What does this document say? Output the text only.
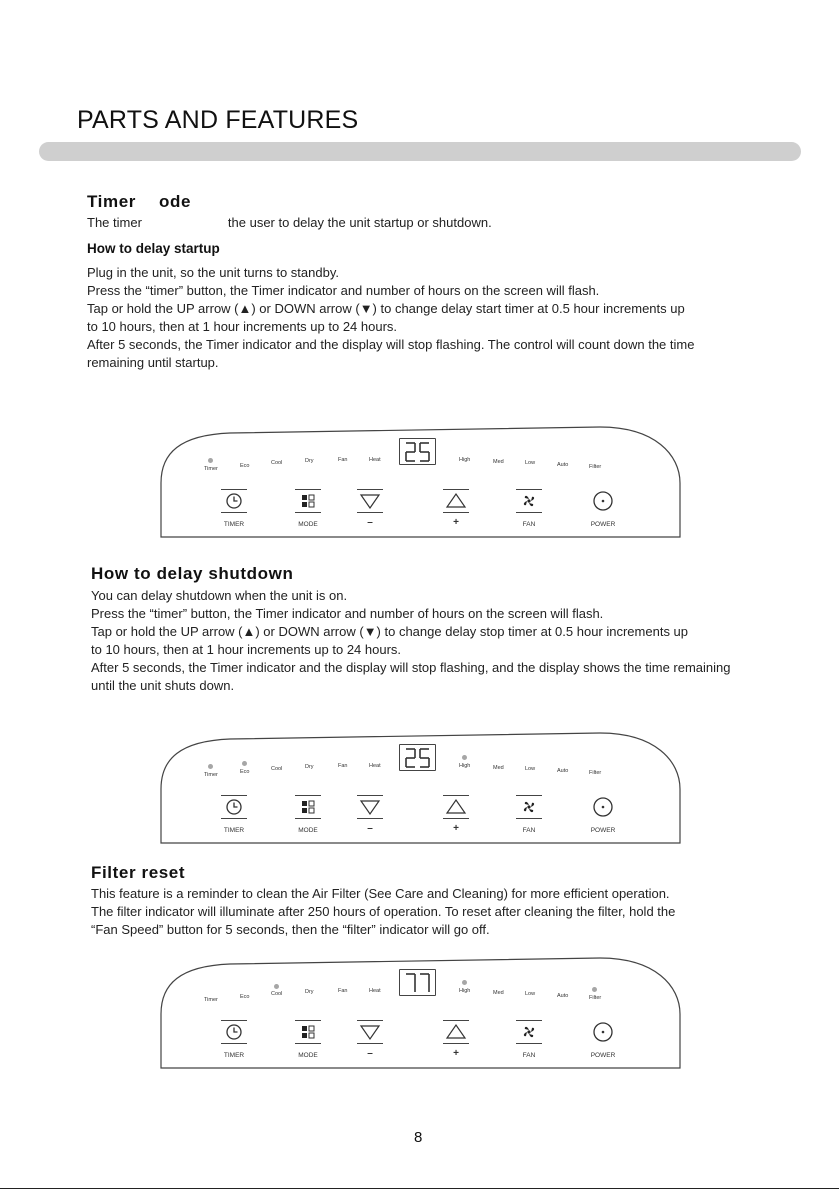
PARTS AND FEATURES
Timer ode

The timer	the user to delay the unit startup or shutdown.

How to delay startup

Plug in the unit, so the unit turns to standby.

Press the “timer” button, the Timer indicator and number of hours on the screen will flash.

Tap or hold the UP arrow (▲) or DOWN arrow (▼) to change delay start timer at 0.5 hour increments up

to 10 hours, then at 1 hour increments up to 24 hours.

After 5 seconds, the Timer indicator and the display will stop flashing. The control will count down the time

remaining until startup.

Timer	Eco	Cool	Dry	Fan	Heat	High	Med	Low	Auto	Filter
TIMER	MODE	–	+	FAN	POWER
How to delay shutdown

You can delay shutdown when the unit is on.

Press the “timer” button, the Timer indicator and number of hours on the screen will flash.

Tap or hold the UP arrow (▲) or DOWN arrow (▼) to change delay stop timer at 0.5 hour increments up

to 10 hours, then at 1 hour increments up to 24 hours.

After 5 seconds, the Timer indicator and the display will stop flashing, and the display shows the time remaining

until the unit shuts down.

Timer	Eco	Cool	Dry	Fan	Heat	High	Med	Low	Auto	Filter
TIMER	MODE	–	+	FAN	POWER
Filter reset

This feature is a reminder to clean the Air Filter (See Care and Cleaning) for more efficient operation.

The filter indicator will illuminate after 250 hours of operation. To reset after cleaning the filter, hold the

“Fan Speed” button for 5 seconds, then the “filter” indicator will go off.

Timer	Eco	Cool	Dry	Fan	Heat	High	Med	Low	Auto	Filter
TIMER	MODE	–	+	FAN	POWER
8
